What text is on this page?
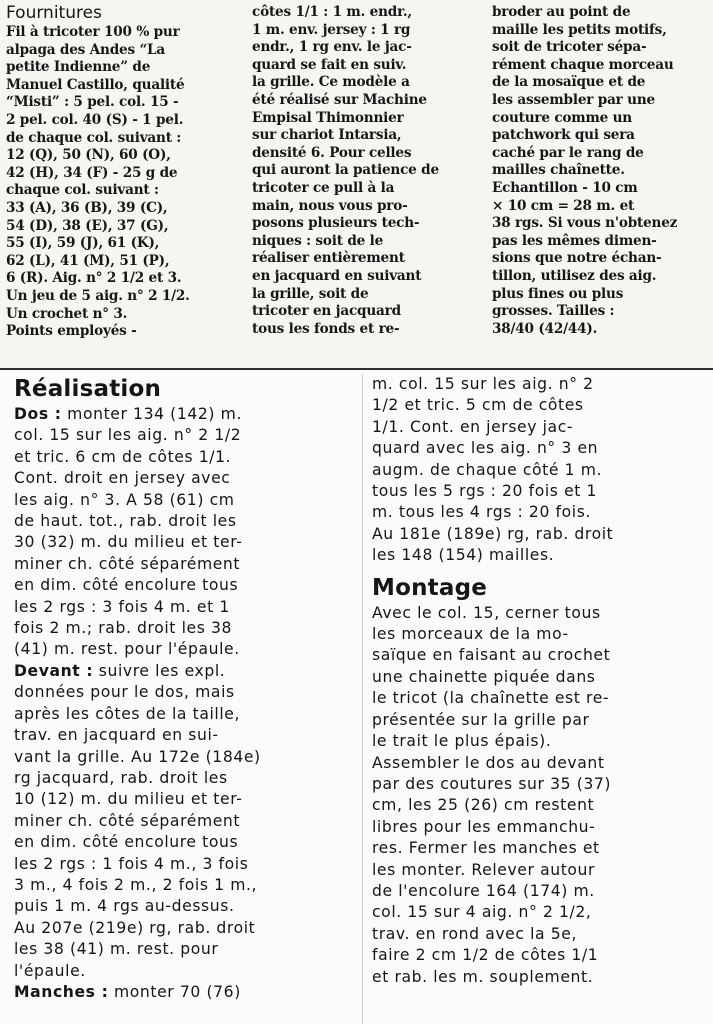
Fournitures
Fil à tricoter 100 % pur
alpaga des Andes “La
petite Indienne” de
Manuel Castillo, qualité
“Misti” : 5 pel. col. 15 -
2 pel. col. 40 (S) - 1 pel.
de chaque col. suivant :
12 (Q), 50 (N), 60 (O),
42 (H), 34 (F) - 25 g de
chaque col. suivant :
33 (A), 36 (B), 39 (C),
54 (D), 38 (E), 37 (G),
55 (I), 59 (J), 61 (K),
62 (L), 41 (M), 51 (P),
6 (R). Aig. n° 2 1/2 et 3.
Un jeu de 5 aig. n° 2 1/2.
Un crochet n° 3.
Points employés -
côtes 1/1 : 1 m. endr.,
1 m. env. jersey : 1 rg
endr., 1 rg env. le jac-
quard se fait en suiv.
la grille. Ce modèle a
été réalisé sur Machine
Empisal Thimonnier
sur chariot Intarsia,
densité 6. Pour celles
qui auront la patience de
tricoter ce pull à la
main, nous vous pro-
posons plusieurs tech-
niques : soit de le
réaliser entièrement
en jacquard en suivant
la grille, soit de
tricoter en jacquard
tous les fonds et re-
broder au point de
maille les petits motifs,
soit de tricoter sépa-
rément chaque morceau
de la mosaïque et de
les assembler par une
couture comme un
patchwork qui sera
caché par le rang de
mailles chaînette.
Echantillon - 10 cm
× 10 cm = 28 m. et
38 rgs. Si vous n'obtenez
pas les mêmes dimen-
sions que notre échan-
tillon, utilisez des aig.
plus fines ou plus
grosses. Tailles :
38/40 (42/44).
Réalisation
Dos : monter 134 (142) m.
col. 15 sur les aig. n° 2 1/2
et tric. 6 cm de côtes 1/1.
Cont. droit en jersey avec
les aig. n° 3. A 58 (61) cm
de haut. tot., rab. droit les
30 (32) m. du milieu et ter-
miner ch. côté séparément
en dim. côté encolure tous
les 2 rgs : 3 fois 4 m. et 1
fois 2 m.; rab. droit les 38
(41) m. rest. pour l'épaule.
Devant : suivre les expl.
données pour le dos, mais
après les côtes de la taille,
trav. en jacquard en sui-
vant la grille. Au 172e (184e)
rg jacquard, rab. droit les
10 (12) m. du milieu et ter-
miner ch. côté séparément
en dim. côté encolure tous
les 2 rgs : 1 fois 4 m., 3 fois
3 m., 4 fois 2 m., 2 fois 1 m.,
puis 1 m. 4 rgs au-dessus.
Au 207e (219e) rg, rab. droit
les 38 (41) m. rest. pour
l'épaule.
Manches : monter 70 (76)
m. col. 15 sur les aig. n° 2
1/2 et tric. 5 cm de côtes
1/1. Cont. en jersey jac-
quard avec les aig. n° 3 en
augm. de chaque côté 1 m.
tous les 5 rgs : 20 fois et 1
m. tous les 4 rgs : 20 fois.
Au 181e (189e) rg, rab. droit
les 148 (154) mailles.
Montage
Avec le col. 15, cerner tous
les morceaux de la mo-
saïque en faisant au crochet
une chainette piquée dans
le tricot (la chaînette est re-
présentée sur la grille par
le trait le plus épais).
Assembler le dos au devant
par des coutures sur 35 (37)
cm, les 25 (26) cm restent
libres pour les emmanchu-
res. Fermer les manches et
les monter. Relever autour
de l'encolure 164 (174) m.
col. 15 sur 4 aig. n° 2 1/2,
trav. en rond avec la 5e,
faire 2 cm 1/2 de côtes 1/1
et rab. les m. souplement.
